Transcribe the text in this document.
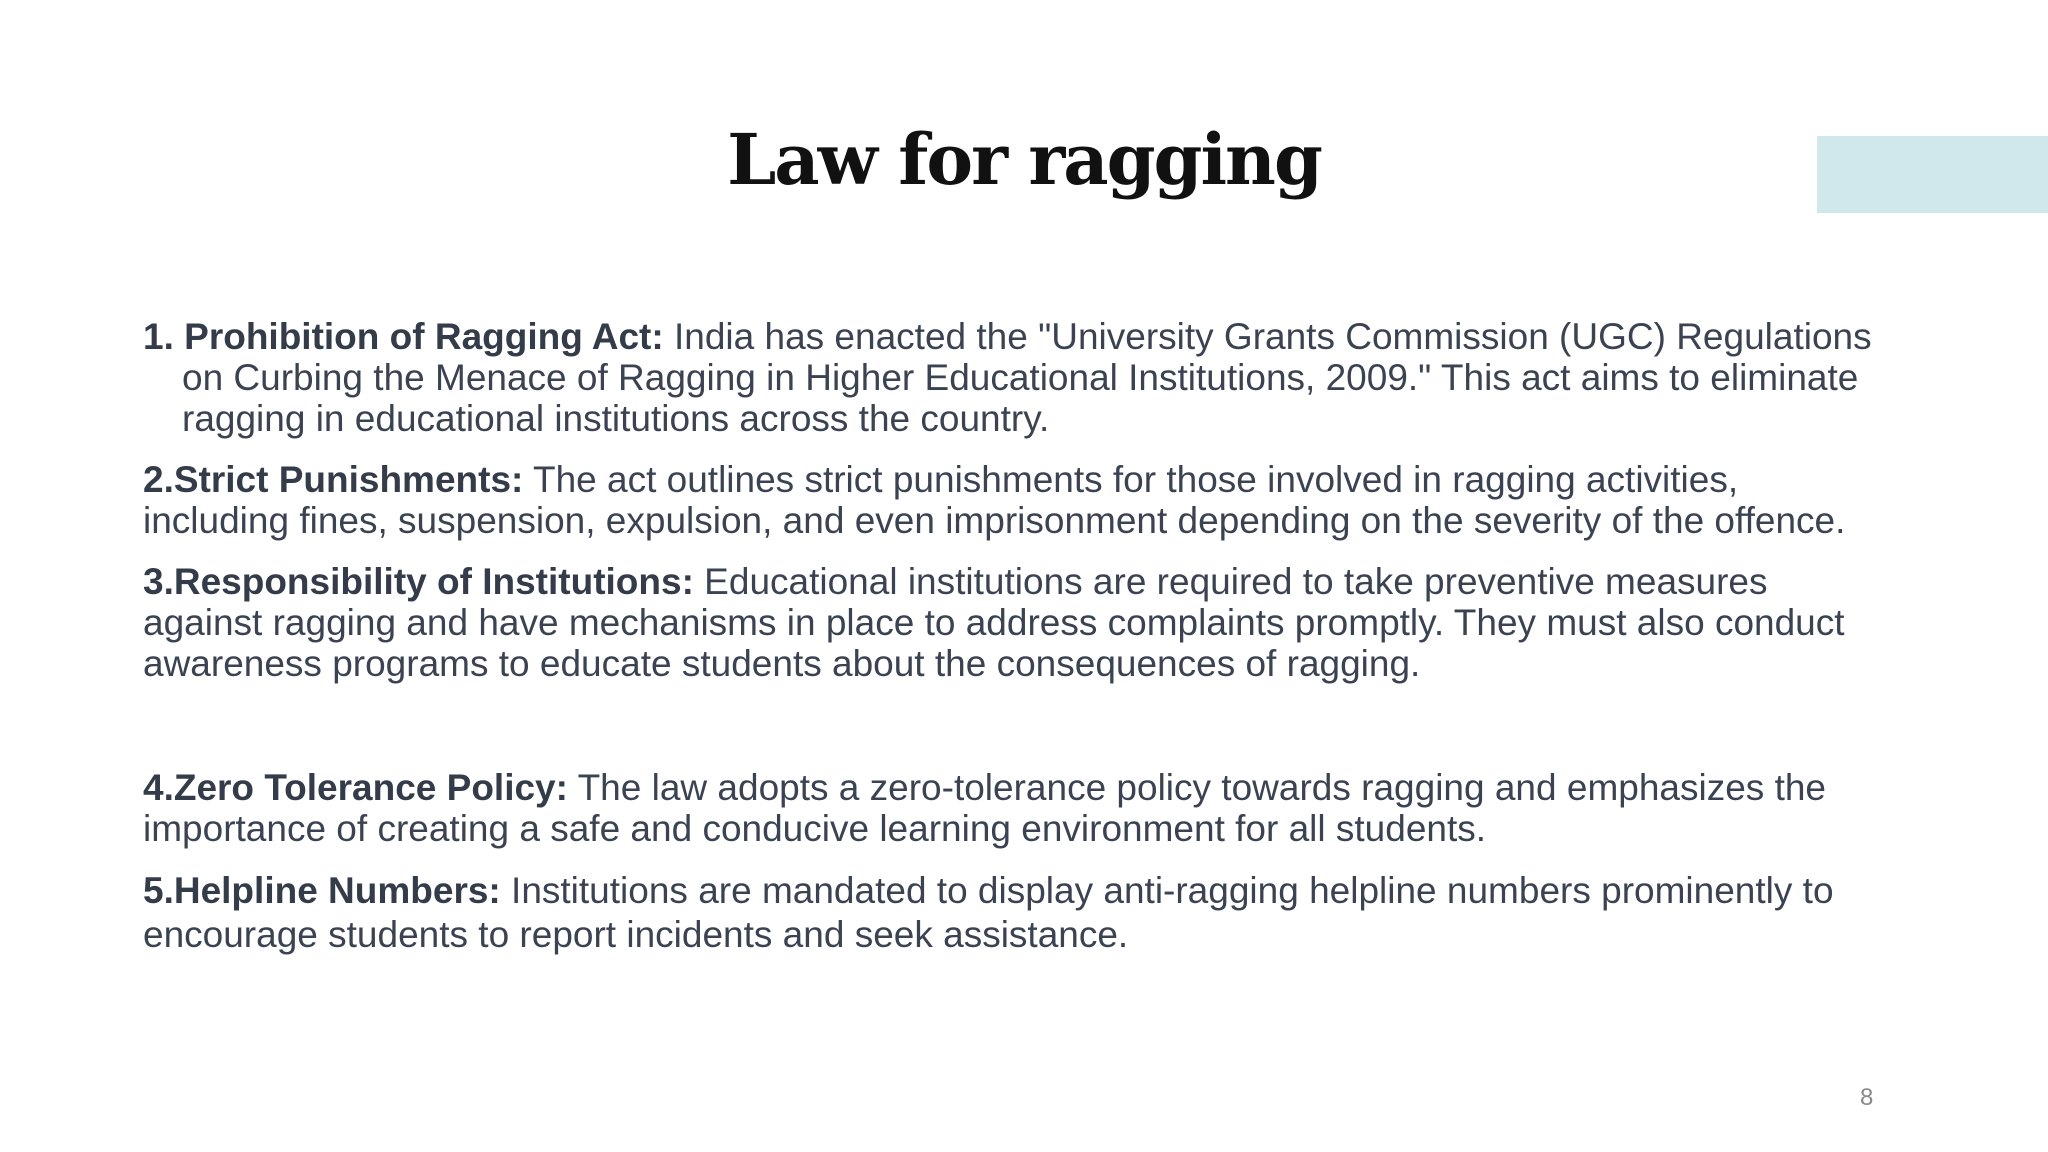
Law for ragging

1. Prohibition of Ragging Act: India has enacted the "University Grants Commission (UGC) Regulations on Curbing the Menace of Ragging in Higher Educational Institutions, 2009." This act aims to eliminate ragging in educational institutions across the country.

2.Strict Punishments: The act outlines strict punishments for those involved in ragging activities, including fines, suspension, expulsion, and even imprisonment depending on the severity of the offence.

3.Responsibility of Institutions: Educational institutions are required to take preventive measures against ragging and have mechanisms in place to address complaints promptly. They must also conduct awareness programs to educate students about the consequences of ragging.

4.Zero Tolerance Policy: The law adopts a zero-tolerance policy towards ragging and emphasizes the importance of creating a safe and conducive learning environment for all students.

5.Helpline Numbers: Institutions are mandated to display anti-ragging helpline numbers prominently to encourage students to report incidents and seek assistance.

8
